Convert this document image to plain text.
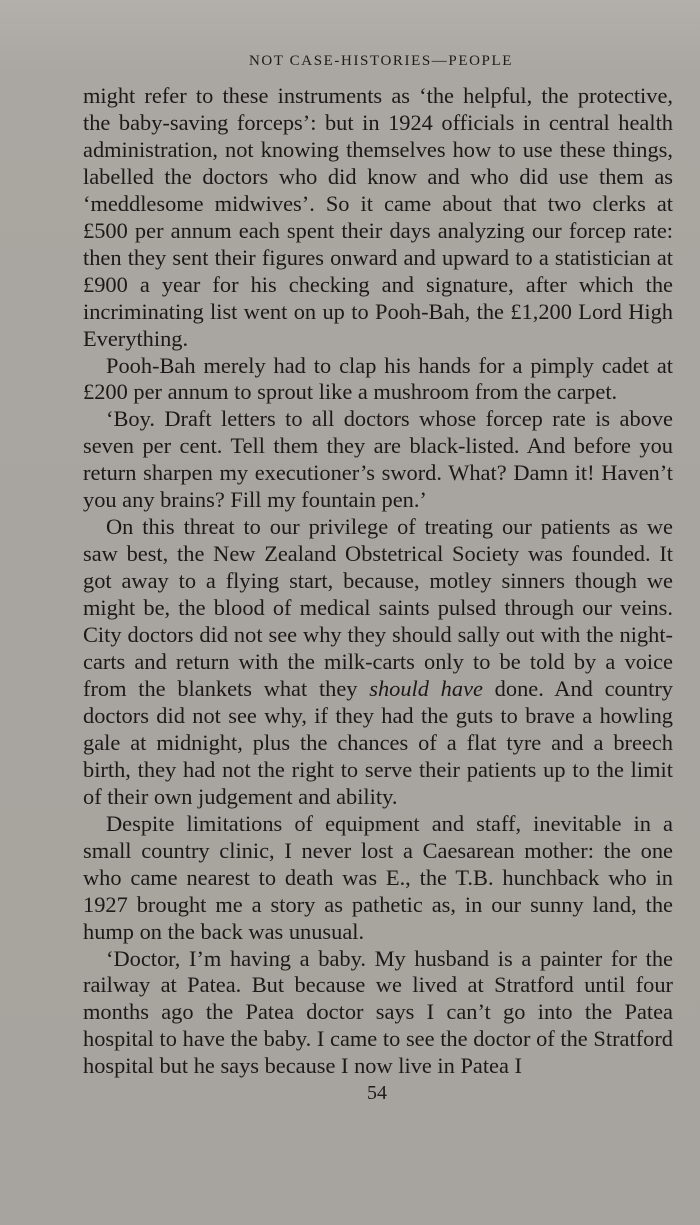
NOT CASE-HISTORIES—PEOPLE

might refer to these instruments as ‘the helpful, the protective, the baby-saving forceps’: but in 1924 officials in central health administration, not knowing themselves how to use these things, labelled the doctors who did know and who did use them as ‘meddlesome midwives’. So it came about that two clerks at £500 per annum each spent their days analyzing our forcep rate: then they sent their figures onward and upward to a statistician at £900 a year for his checking and signature, after which the incriminating list went on up to Pooh-Bah, the £1,200 Lord High Everything.

Pooh-Bah merely had to clap his hands for a pimply cadet at £200 per annum to sprout like a mushroom from the carpet.

‘Boy. Draft letters to all doctors whose forcep rate is above seven per cent. Tell them they are black-listed. And before you return sharpen my executioner’s sword. What? Damn it! Haven’t you any brains? Fill my fountain pen.’

On this threat to our privilege of treating our patients as we saw best, the New Zealand Obstetrical Society was founded. It got away to a flying start, because, motley sinners though we might be, the blood of medical saints pulsed through our veins. City doctors did not see why they should sally out with the night-carts and return with the milk-carts only to be told by a voice from the blankets what they should have done. And country doctors did not see why, if they had the guts to brave a howling gale at midnight, plus the chances of a flat tyre and a breech birth, they had not the right to serve their patients up to the limit of their own judgement and ability.

Despite limitations of equipment and staff, inevitable in a small country clinic, I never lost a Caesarean mother: the one who came nearest to death was E., the T.B. hunchback who in 1927 brought me a story as pathetic as, in our sunny land, the hump on the back was unusual.

‘Doctor, I’m having a baby. My husband is a painter for the railway at Patea. But because we lived at Stratford until four months ago the Patea doctor says I can’t go into the Patea hospital to have the baby. I came to see the doctor of the Stratford hospital but he says because I now live in Patea I

54
